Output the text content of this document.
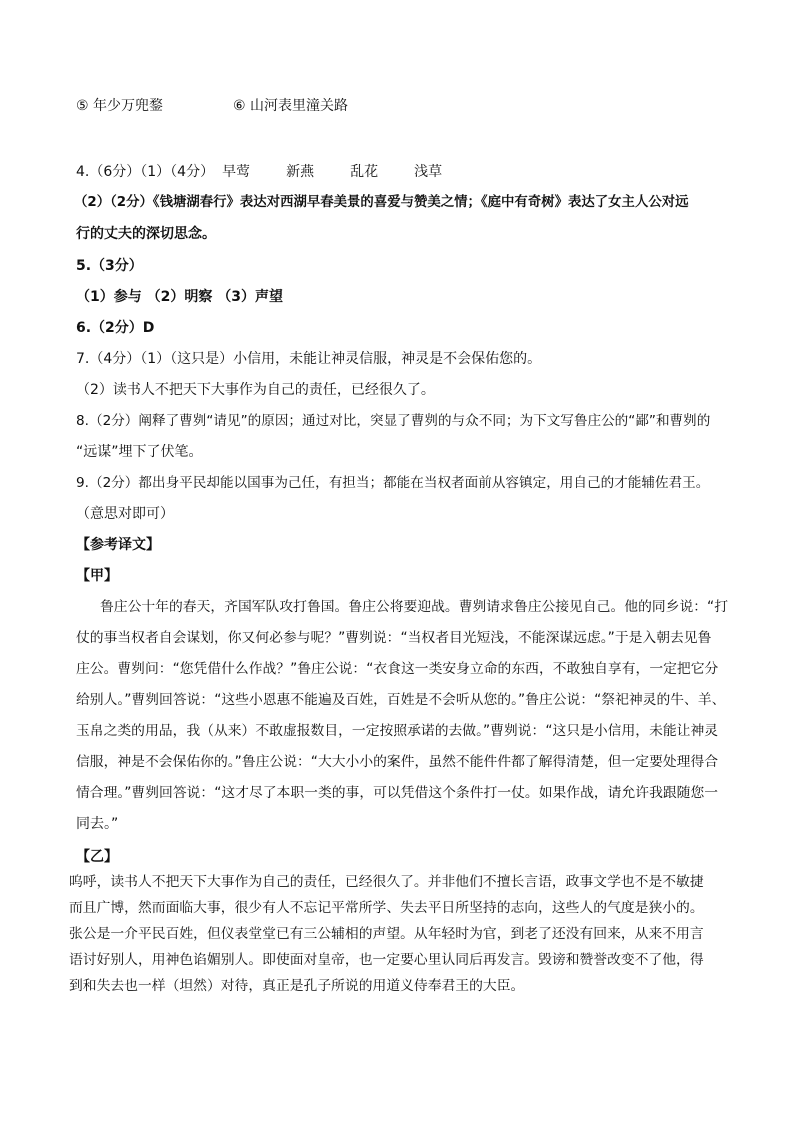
⑤ 年少万兜鍪	⑥ 山河表里潼关路
4.（6分）（1）（4分） 早莺	新燕	乱花	浅草
（2）（2分）《钱塘湖春行》表达对西湖早春美景的喜爱与赞美之情；《庭中有奇树》表达了女主人公对远
行的丈夫的深切思念。
5.（3分）
（1）参与 （2）明察 （3）声望
6.（2分）D
7.（4分）（1）（这只是）小信用，未能让神灵信服，神灵是不会保佑您的。
（2）读书人不把天下大事作为自己的责任，已经很久了。
8.（2分）阐释了曹刿“请见”的原因；通过对比，突显了曹刿的与众不同；为下文写鲁庄公的“鄙”和曹刿的
“远谋”埋下了伏笔。
9.（2分）都出身平民却能以国事为己任，有担当；都能在当权者面前从容镇定，用自己的才能辅佐君王。
（意思对即可）
【参考译文】
【甲】
鲁庄公十年的春天，齐国军队攻打鲁国。鲁庄公将要迎战。曹刿请求鲁庄公接见自己。他的同乡说：“打
仗的事当权者自会谋划，你又何必参与呢？”曹刿说：“当权者目光短浅，不能深谋远虑。”于是入朝去见鲁
庄公。曹刿问：“您凭借什么作战？”鲁庄公说：“衣食这一类安身立命的东西，不敢独自享有，一定把它分
给别人。”曹刿回答说：“这些小恩惠不能遍及百姓，百姓是不会听从您的。”鲁庄公说：“祭祀神灵的牛、羊、
玉帛之类的用品，我（从来）不敢虚报数目，一定按照承诺的去做。”曹刿说：“这只是小信用，未能让神灵
信服，神是不会保佑你的。”鲁庄公说：“大大小小的案件，虽然不能件件都了解得清楚，但一定要处理得合
情合理。”曹刿回答说：“这才尽了本职一类的事，可以凭借这个条件打一仗。如果作战，请允许我跟随您一
同去。”
【乙】
呜呼，读书人不把天下大事作为自己的责任，已经很久了。并非他们不擅长言语，政事文学也不是不敏捷
而且广博，然而面临大事，很少有人不忘记平常所学、失去平日所坚持的志向，这些人的气度是狭小的。
张公是一介平民百姓，但仪表堂堂已有三公辅相的声望。从年轻时为官，到老了还没有回来，从来不用言
语讨好别人，用神色谄媚别人。即使面对皇帝，也一定要心里认同后再发言。毁谤和赞誉改变不了他，得
到和失去也一样（坦然）对待，真正是孔子所说的用道义侍奉君王的大臣。
